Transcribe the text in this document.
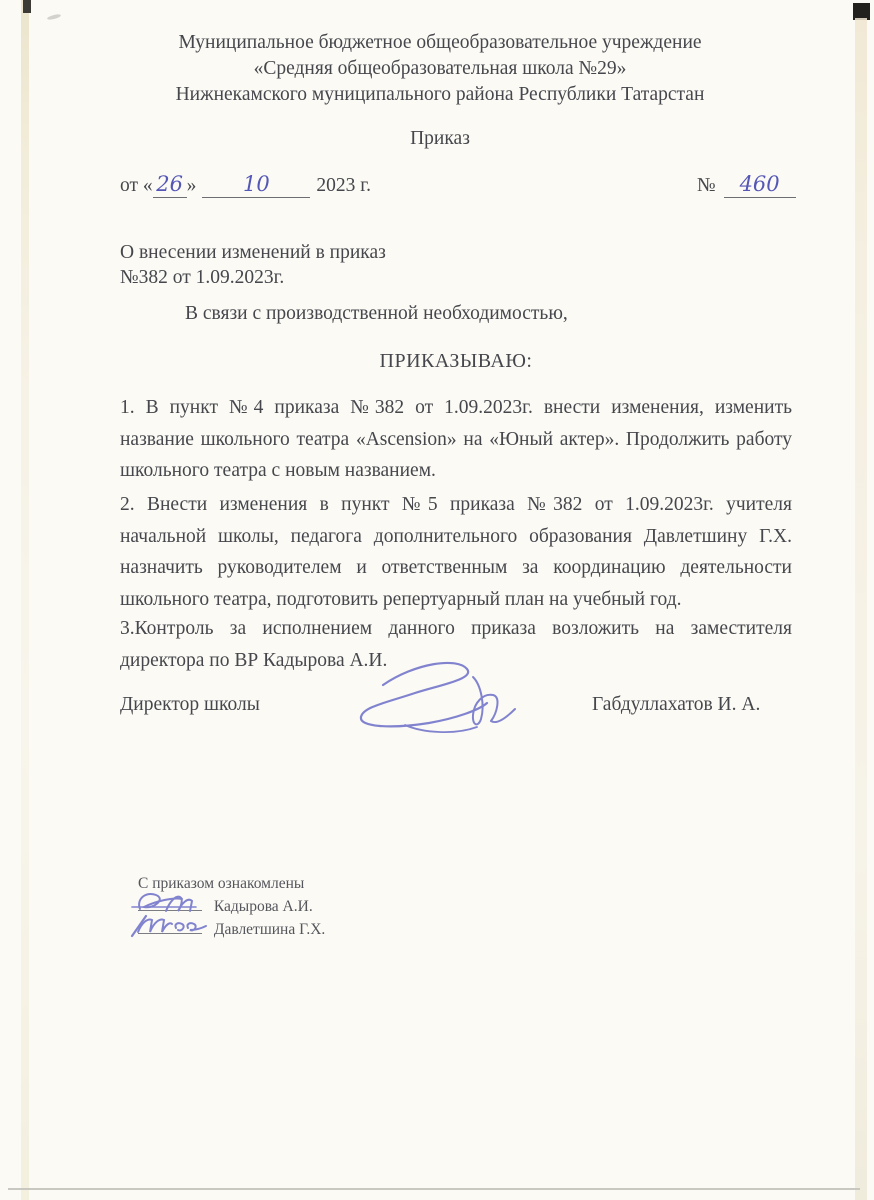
Муниципальное бюджетное общеобразовательное учреждение
«Средняя общеобразовательная школа №29»
Нижнекамского муниципального района Республики Татарстан
Приказ
от « 26 » 10 2023 г.	№ 460
О внесении изменений в приказ
№382 от 1.09.2023г.
В связи с производственной необходимостью,
ПРИКАЗЫВАЮ:
1. В пункт №4 приказа №382 от 1.09.2023г. внести изменения, изменить название школьного театра «Ascension» на «Юный актер». Продолжить работу школьного театра с новым названием.
2. Внести изменения в пункт №5 приказа №382 от 1.09.2023г. учителя начальной школы, педагога дополнительного образования Давлетшину Г.Х. назначить руководителем и ответственным за координацию деятельности школьного театра, подготовить репертуарный план на учебный год.
3.Контроль за исполнением данного приказа возложить на заместителя директора по ВР Кадырова А.И.
Директор школы	Габдуллахатов И. А.
С приказом ознакомлены
Кадырова А.И.
Давлетшина Г.Х.
